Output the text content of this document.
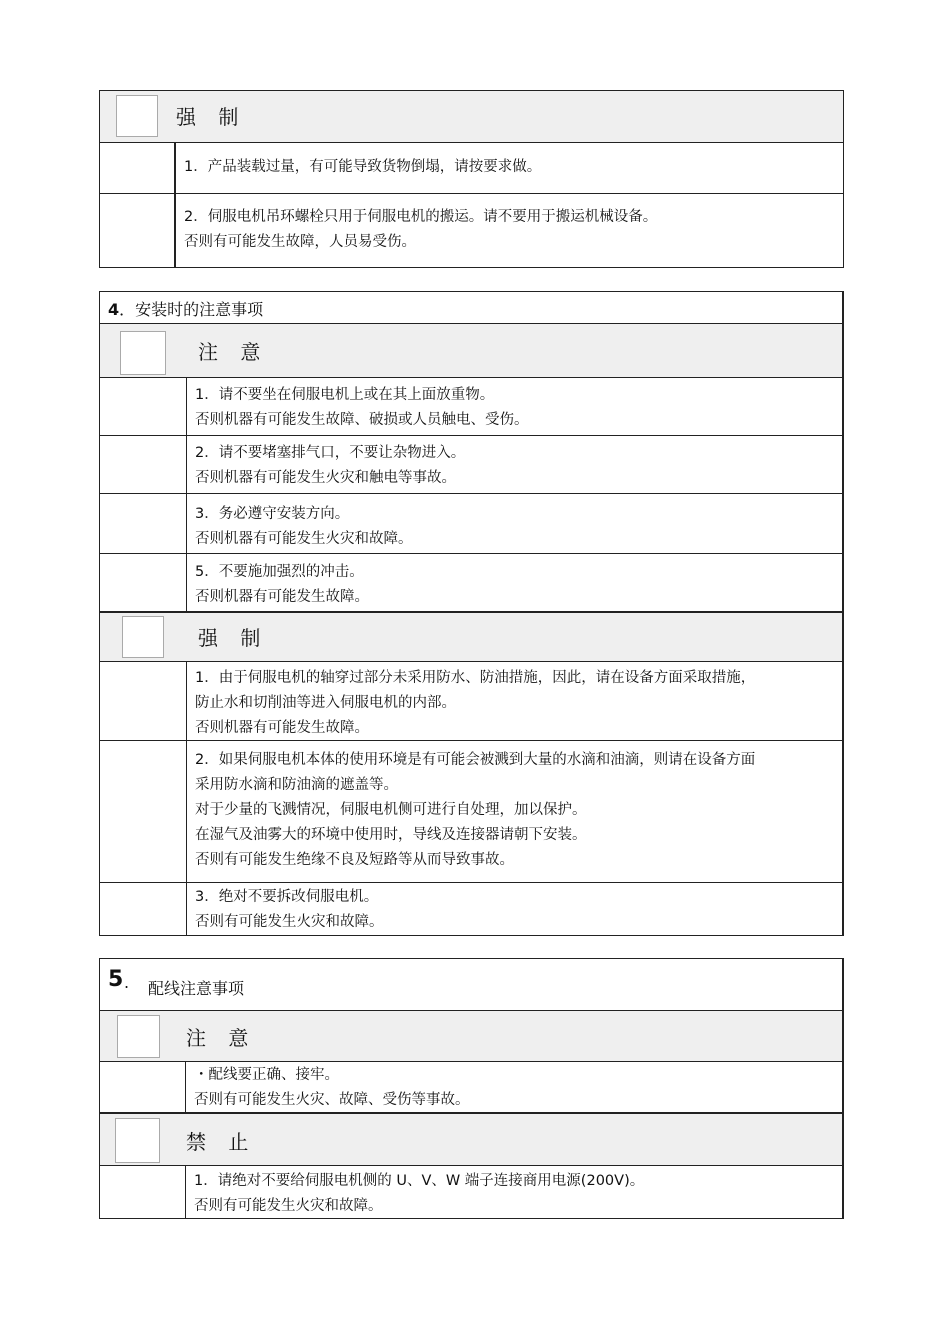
强 制
1．产品装载过量，有可能导致货物倒塌，请按要求做。
2．伺服电机吊环螺栓只用于伺服电机的搬运。请不要用于搬运机械设备。
否则有可能发生故障，人员易受伤。
4．安装时的注意事项
注 意
1．请不要坐在伺服电机上或在其上面放重物。
否则机器有可能发生故障、破损或人员触电、受伤。
2．请不要堵塞排气口，不要让杂物进入。
否则机器有可能发生火灾和触电等事故。
3．务必遵守安装方向。
否则机器有可能发生火灾和故障。
5．不要施加强烈的冲击。
否则机器有可能发生故障。
强 制
1．由于伺服电机的轴穿过部分未采用防水、防油措施，因此，请在设备方面采取措施，
防止水和切削油等进入伺服电机的内部。
否则机器有可能发生故障。
2．如果伺服电机本体的使用环境是有可能会被溅到大量的水滴和油滴，则请在设备方面
采用防水滴和防油滴的遮盖等。
对于少量的飞溅情况，伺服电机侧可进行自处理，加以保护。
在湿气及油雾大的环境中使用时，导线及连接器请朝下安装。
否则有可能发生绝缘不良及短路等从而导致事故。
3．绝对不要拆改伺服电机。
否则有可能发生火灾和故障。
5 . 配线注意事项
注 意
・配线要正确、接牢。
否则有可能发生火灾、故障、受伤等事故。
禁 止
1．请绝对不要给伺服电机侧的 U、V、W 端子连接商用电源(200V)。
否则有可能发生火灾和故障。
